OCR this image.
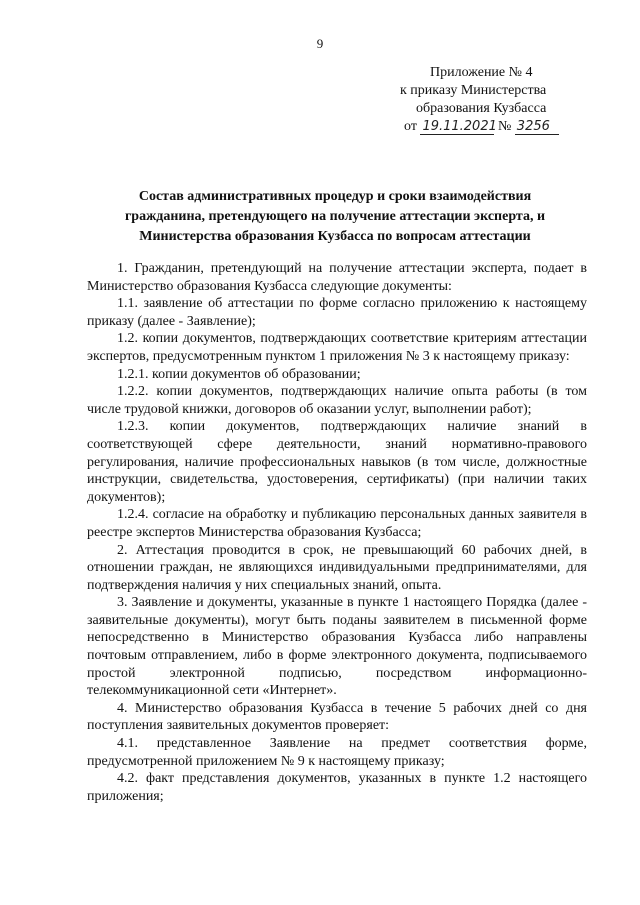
9
Приложение № 4
к приказу Министерства
образования Кузбасса
от 19.11.2021 № 3256
Состав административных процедур и сроки взаимодействия
гражданина, претендующего на получение аттестации эксперта, и
Министерства образования Кузбасса по вопросам аттестации

1. Гражданин, претендующий на получение аттестации эксперта, подает в Министерство образования Кузбасса следующие документы:

1.1. заявление об аттестации по форме согласно приложению к настоящему приказу (далее - Заявление);

1.2. копии документов, подтверждающих соответствие критериям аттестации экспертов, предусмотренным пунктом 1 приложения № 3 к настоящему приказу:

1.2.1. копии документов об образовании;

1.2.2. копии документов, подтверждающих наличие опыта работы (в том числе трудовой книжки, договоров об оказании услуг, выполнении работ);

1.2.3. копии документов, подтверждающих наличие знаний в соответствующей сфере деятельности, знаний нормативно-правового регулирования, наличие профессиональных навыков (в том числе, должностные инструкции, свидетельства, удостоверения, сертификаты) (при наличии таких документов);

1.2.4. согласие на обработку и публикацию персональных данных заявителя в реестре экспертов Министерства образования Кузбасса;

2. Аттестация проводится в срок, не превышающий 60 рабочих дней, в отношении граждан, не являющихся индивидуальными предпринимателями, для подтверждения наличия у них специальных знаний, опыта.

3. Заявление и документы, указанные в пункте 1 настоящего Порядка (далее - заявительные документы), могут быть поданы заявителем в письменной форме непосредственно в Министерство образования Кузбасса либо направлены почтовым отправлением, либо в форме электронного документа, подписываемого простой электронной подписью, посредством информационно-телекоммуникационной сети «Интернет».

4. Министерство образования Кузбасса в течение 5 рабочих дней со дня поступления заявительных документов проверяет:

4.1. представленное Заявление на предмет соответствия форме, предусмотренной приложением № 9 к настоящему приказу;

4.2. факт представления документов, указанных в пункте 1.2 настоящего приложения;
